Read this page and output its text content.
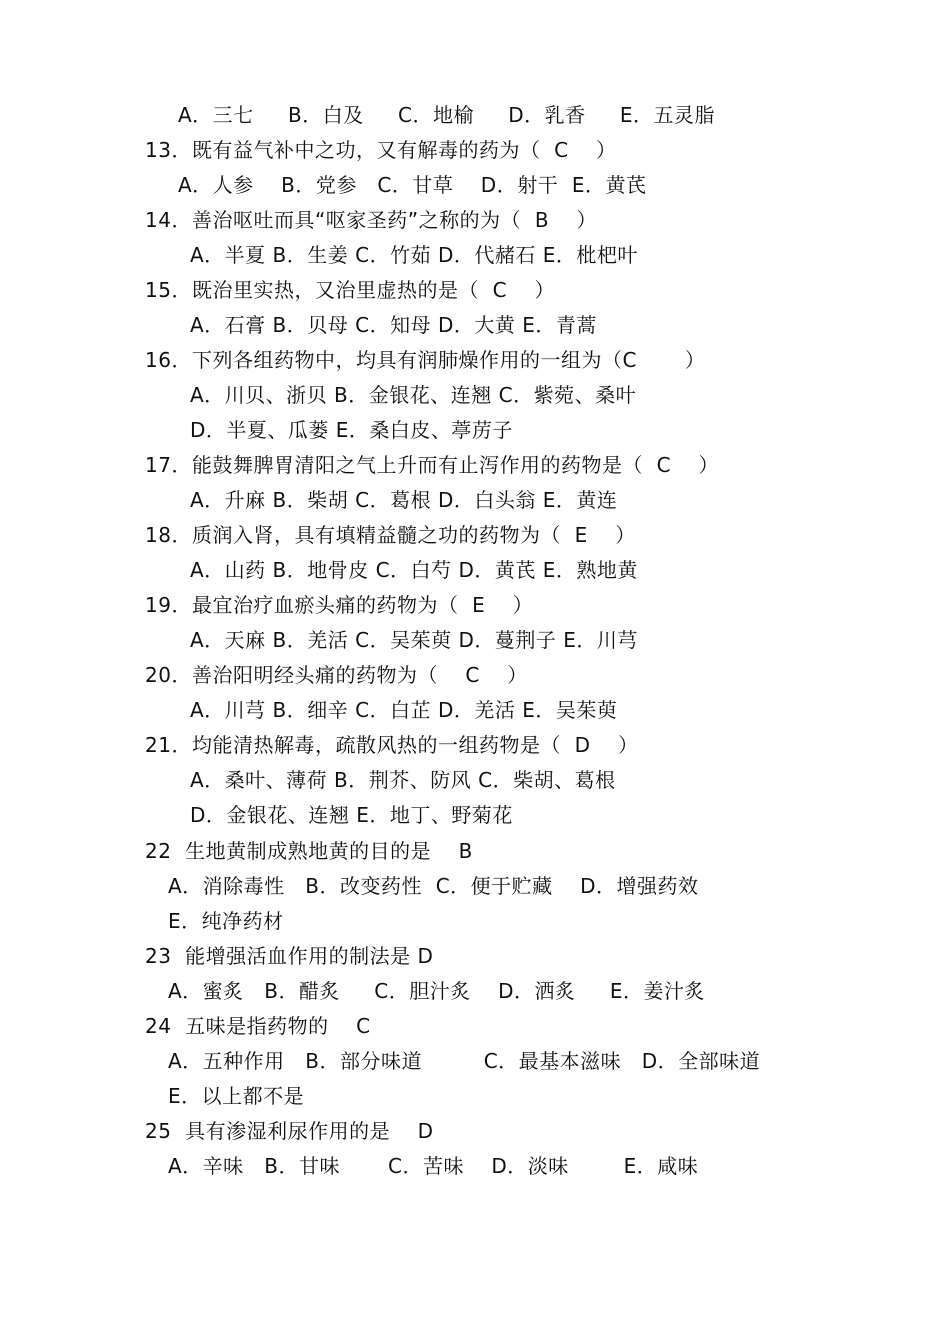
A．三七     B．白及     C．地榆     D．乳香     E．五灵脂
13．既有益气补中之功，又有解毒的药为（  C    ）
A．人参    B．党参   C．甘草    D．射干  E．黄芪
14．善治呕吐而具“呕家圣药”之称的为（  B    ）
A．半夏 B．生姜 C．竹茹 D．代赭石 E．枇杷叶
15．既治里实热，又治里虚热的是（  C    ）
A．石膏 B．贝母 C．知母 D．大黄 E．青蒿
16．下列各组药物中，均具有润肺燥作用的一组为（C       ）
A．川贝、浙贝 B．金银花、连翘 C．紫菀、桑叶
D．半夏、瓜蒌 E．桑白皮、葶苈子
17．能鼓舞脾胃清阳之气上升而有止泻作用的药物是（  C    ）
A．升麻 B．柴胡 C．葛根 D．白头翁 E．黄连
18．质润入肾，具有填精益髓之功的药物为（  E    ）
A．山药 B．地骨皮 C．白芍 D．黄芪 E．熟地黄
19．最宜治疗血瘀头痛的药物为（  E    ）
A．天麻 B．羌活 C．吴茱萸 D．蔓荆子 E．川芎
20．善治阳明经头痛的药物为（    C    ）
A．川芎 B．细辛 C．白芷 D．羌活 E．吴茱萸
21．均能清热解毒，疏散风热的一组药物是（  D    ）
A．桑叶、薄荷 B．荆芥、防风 C．柴胡、葛根
D．金银花、连翘 E．地丁、野菊花
22  生地黄制成熟地黄的目的是    B
A．消除毒性   B．改变药性  C．便于贮藏    D．增强药效
E．纯净药材
23  能增强活血作用的制法是 D
A．蜜炙   B．醋炙     C．胆汁炙    D．洒炙     E．姜汁炙
24  五味是指药物的    C
A．五种作用   B．部分味道         C．最基本滋味   D．全部味道
E．以上都不是
25  具有渗湿利尿作用的是    D
A．辛味   B．甘味       C．苦味    D．淡味        E．咸味
